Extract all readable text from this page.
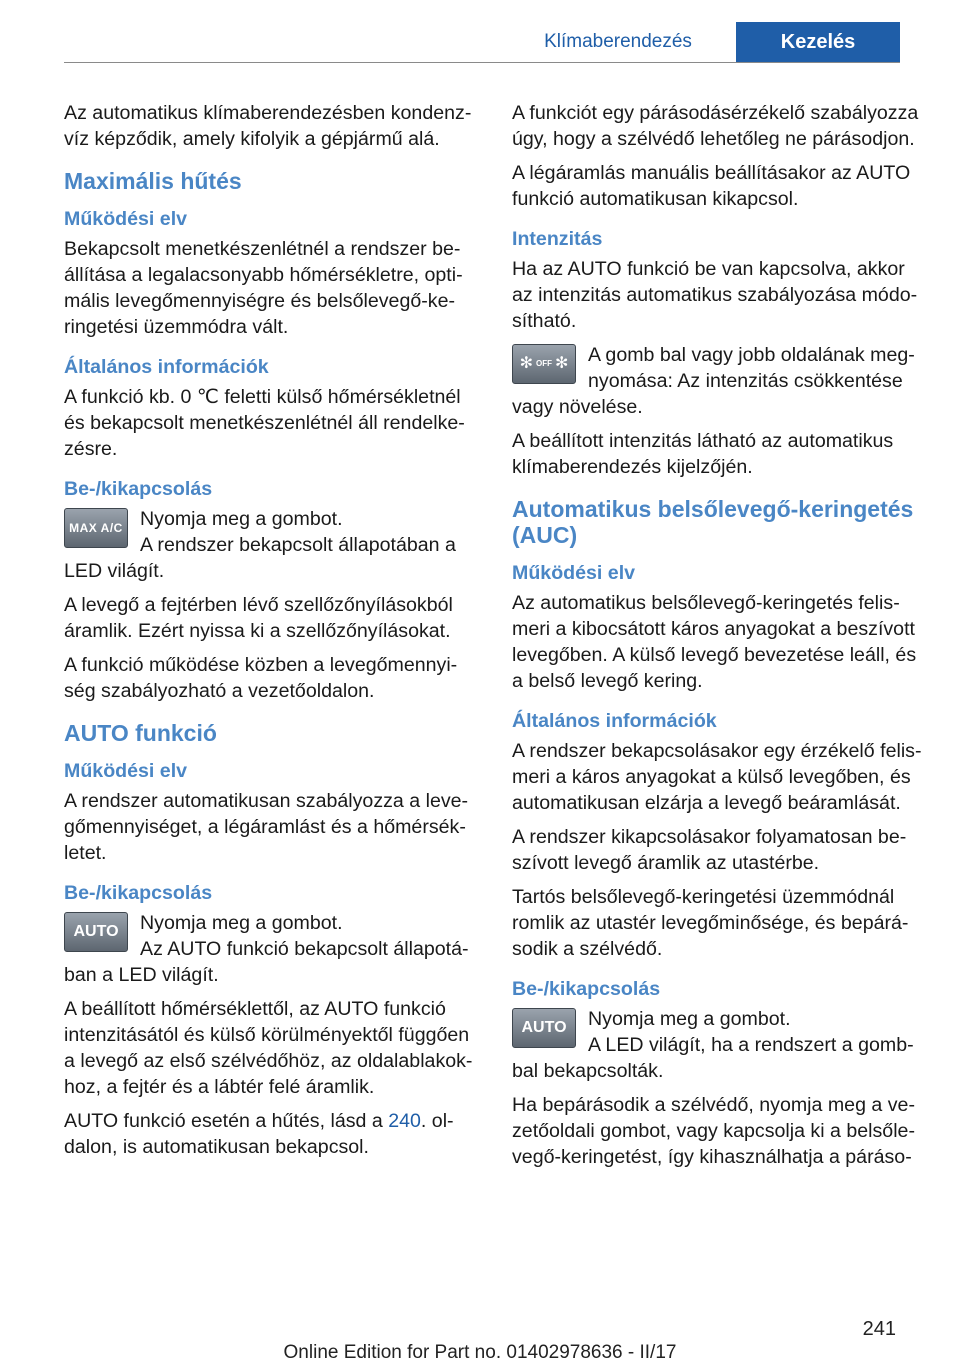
Klímaberendezés	Kezelés

Az automatikus klímaberendezésben kondenz-víz képződik, amely kifolyik a gépjármű alá.

Maximális hűtés
Működési elv

Bekapcsolt menetkészenlétnél a rendszer be-állítása a legalacsonyabb hőmérsékletre, opti-mális levegőmennyiségre és belsőlevegő-ke-ringetési üzemmódra vált.

Általános információk

A funkció kb. 0 ℃ feletti külső hőmérsékletnél és bekapcsolt menetkészenlétnél áll rendelke-zésre.

Be-/kikapcsolás
MAX A/C Nyomja meg a gombot.
A rendszer bekapcsolt állapotában a LED világít.

A levegő a fejtérben lévő szellőzőnyílásokból áramlik. Ezért nyissa ki a szellőzőnyílásokat.

A funkció működése közben a levegőmennyi-ség szabályozható a vezetőoldalon.

AUTO funkció
Működési elv

A rendszer automatikusan szabályozza a leve-gőmennyiséget, a légáramlást és a hőmérsék-letet.

Be-/kikapcsolás
AUTO	Nyomja meg a gombot.
Az AUTO funkció bekapcsolt állapotá-ban a LED világít.

A beállított hőmérséklettől, az AUTO funkció intenzitásától és külső körülményektől függően a levegő az első szélvédőhöz, az oldalablakok-hoz, a fejtér és a lábtér felé áramlik.

AUTO funkció esetén a hűtés, lásd a 240. ol-dalon, is automatikusan bekapcsol.

A funkciót egy párásodásérzékelő szabályozza úgy, hogy a szélvédő lehetőleg ne párásodjon.

A légáramlás manuális beállításakor az AUTO funkció automatikusan kikapcsol.

Intenzitás

Ha az AUTO funkció be van kapcsolva, akkor az intenzitás automatikus szabályozása módo-sítható.

✻ OFF ✻ A gomb bal vagy jobb oldalának meg-nyomása: Az intenzitás csökkentése vagy növelése.

A beállított intenzitás látható az automatikus klímaberendezés kijelzőjén.

Automatikus belsőlevegő-keringetés (AUC)
Működési elv

Az automatikus belsőlevegő-keringetés felis-meri a kibocsátott káros anyagokat a beszívott levegőben. A külső levegő bevezetése leáll, és a belső levegő kering.

Általános információk

A rendszer bekapcsolásakor egy érzékelő felis-meri a káros anyagokat a külső levegőben, és automatikusan elzárja a levegő beáramlását.

A rendszer kikapcsolásakor folyamatosan be-szívott levegő áramlik az utastérbe.

Tartós belsőlevegő-keringetési üzemmódnál romlik az utastér levegőminősége, és bepárá-sodik a szélvédő.

Be-/kikapcsolás
AUTO	Nyomja meg a gombot.
A LED világít, ha a rendszert a gomb-bal bekapcsolták.

Ha bepárásodik a szélvédő, nyomja meg a ve-zetőoldali gombot, vagy kapcsolja ki a belsőle-vegő-keringetést, így kihasználhatja a páráso-

241
Online Edition for Part no. 01402978636 - II/17
